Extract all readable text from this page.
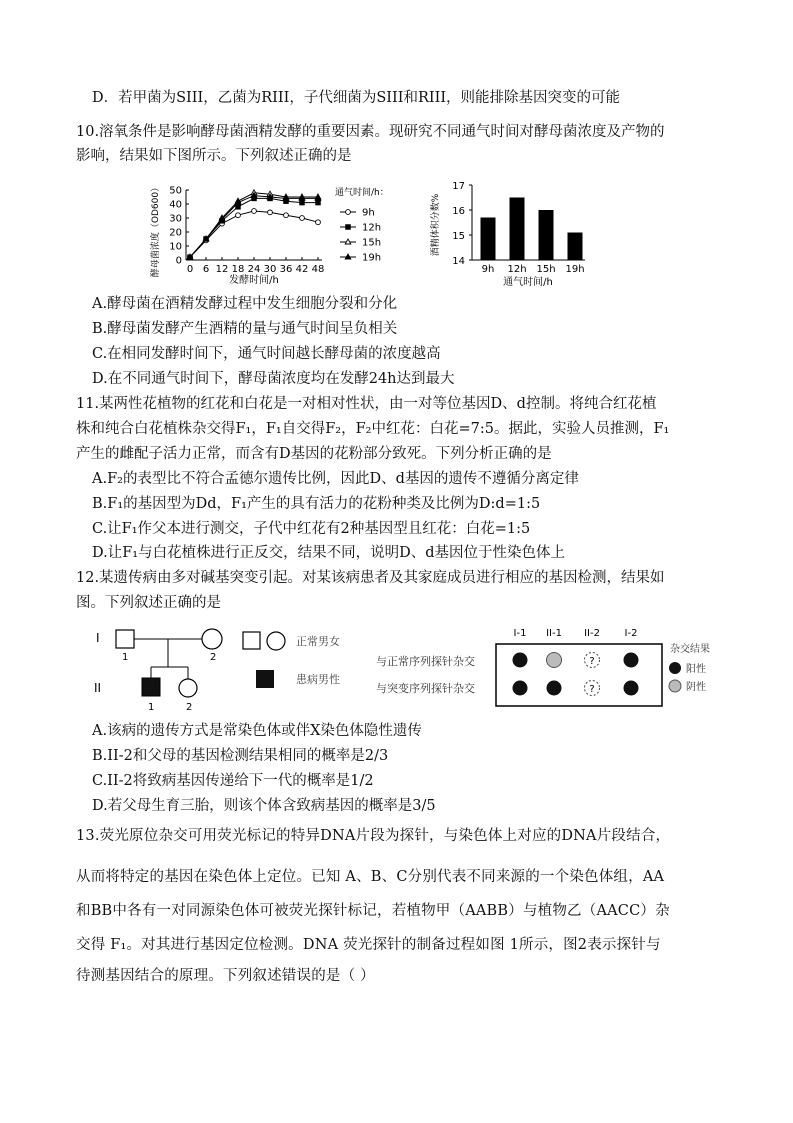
D．若甲菌为SIII，乙菌为RIII，子代细菌为SIII和RIII，则能排除基因突变的可能
10.溶氧条件是影响酵母菌酒精发酵的重要因素。现研究不同通气时间对酵母菌浓度及产物的
影响，结果如下图所示。下列叙述正确的是
酵母菌浓度（OD600） 0
10
20
30
40
50
0 6 12 18 24 30 36 42 48
发酵时间/h
通气时间/h：
9h
12h
15h
19h
酒精体积分数%
14
15
16
17
9h 12h 15h 19h
通气时间/h
A.酵母菌在酒精发酵过程中发生细胞分裂和分化
B.酵母菌发酵产生酒精的量与通气时间呈负相关
C.在相同发酵时间下，通气时间越长酵母菌的浓度越高
D.在不同通气时间下，酵母菌浓度均在发酵24h达到最大
11.某两性花植物的红花和白花是一对相对性状，由一对等位基因D、d控制。将纯合红花植
株和纯合白花植株杂交得F₁，F₁自交得F₂，F₂中红花：白花=7:5。据此，实验人员推测，F₁
产生的雌配子活力正常，而含有D基因的花粉部分致死。下列分析正确的是
A.F₂的表型比不符合孟德尔遗传比例，因此D、d基因的遗传不遵循分离定律
B.F₁的基因型为Dd，F₁产生的具有活力的花粉种类及比例为D:d=1:5
C.让F₁作父本进行测交，子代中红花有2种基因型且红花：白花=1:5
D.让F₁与白花植株进行正反交，结果不同，说明D、d基因位于性染色体上
12.某遗传病由多对碱基突变引起。对某该病患者及其家庭成员进行相应的基因检测，结果如
图。下列叙述正确的是
I
II
1	2
1	2
正常男女
患病男性
与正常序列探针杂交
与突变序列探针杂交
I-1 II-1 II-2 I-2
?
?
杂交结果
阳性
阴性
A.该病的遗传方式是常染色体或伴X染色体隐性遗传
B.II-2和父母的基因检测结果相同的概率是2/3
C.II-2将致病基因传递给下一代的概率是1/2
D.若父母生育三胎，则该个体含致病基因的概率是3/5
13.荧光原位杂交可用荧光标记的特异DNA片段为探针，与染色体上对应的DNA片段结合，
从而将特定的基因在染色体上定位。已知 A、B、C分别代表不同来源的一个染色体组，AA
和BB中各有一对同源染色体可被荧光探针标记，若植物甲（AABB）与植物乙（AACC）杂
交得 F₁。对其进行基因定位检测。DNA 荧光探针的制备过程如图 1所示，图2表示探针与
待测基因结合的原理。下列叙述错误的是（ ）
